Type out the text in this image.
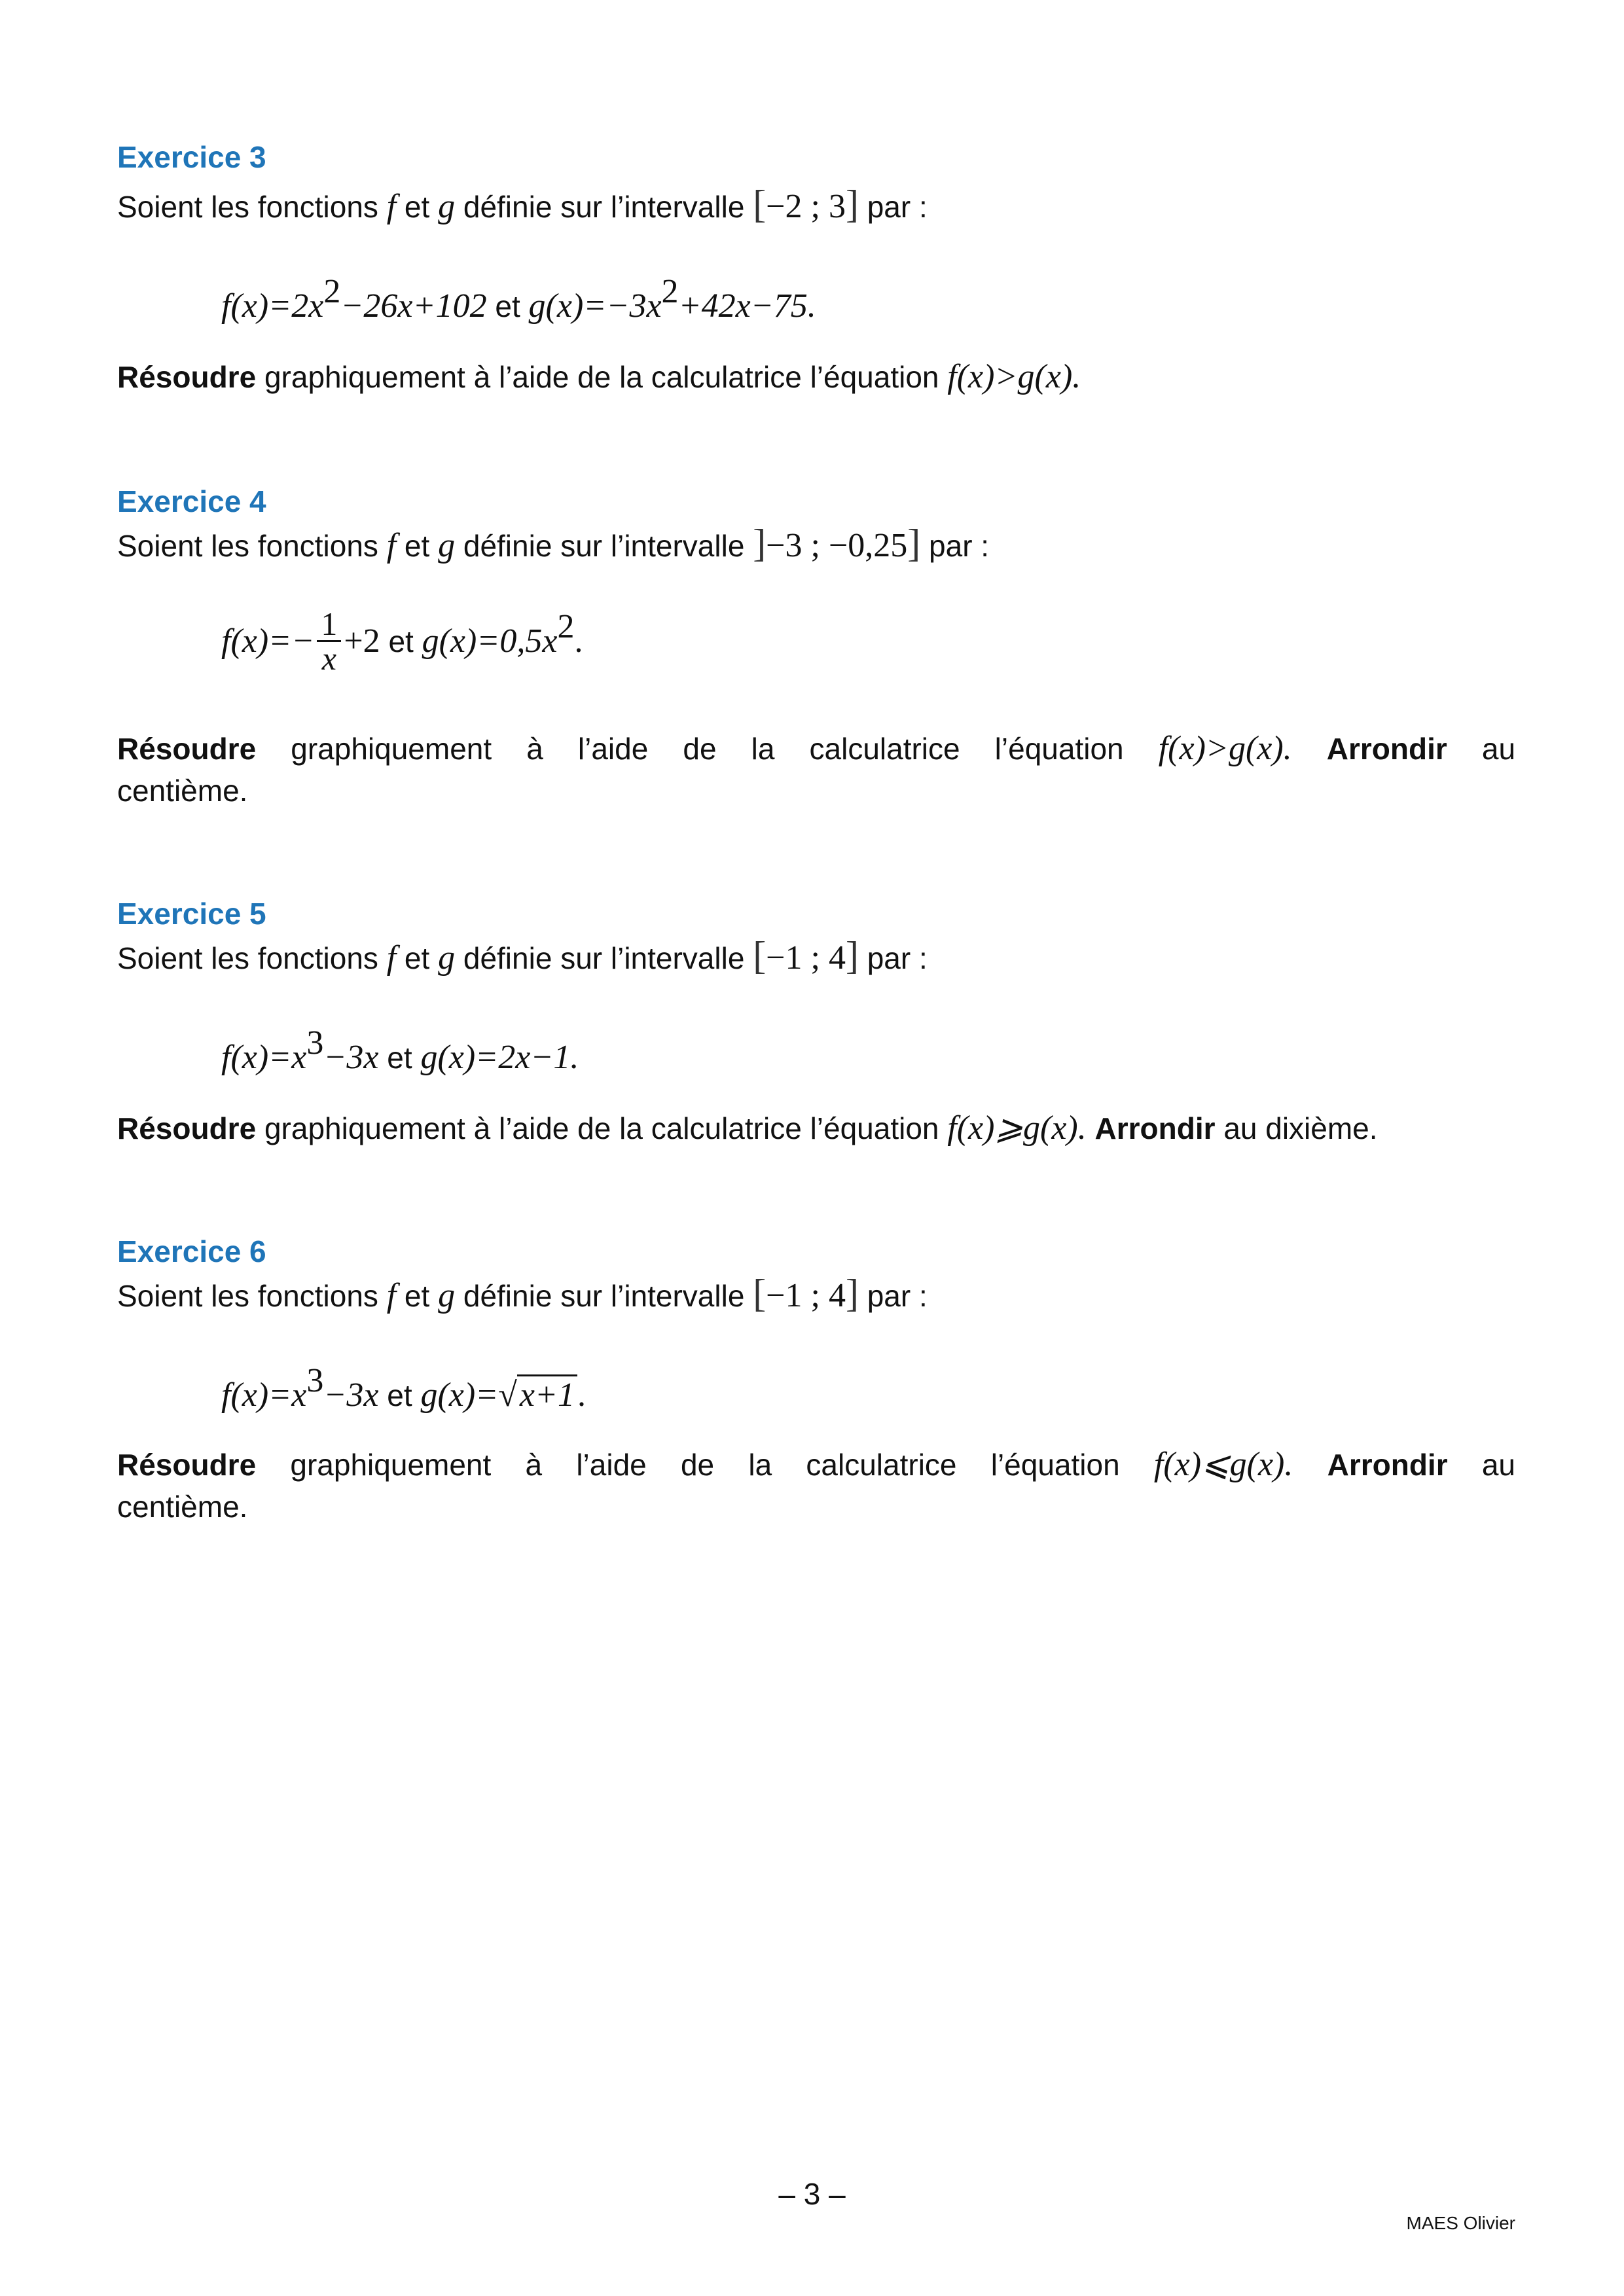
Exercice 3
Soient les fonctions f et g définie sur l’intervalle [−2 ; 3] par :
$f(x)=2x^2-26x+102$ et $g(x)=-3x^2+42x-75$.
Résoudre graphiquement à l’aide de la calculatrice l’équation f(x)>g(x).
Exercice 4
Soient les fonctions f et g définie sur l’intervalle ]−3 ; −0,25] par :
$f(x)=- \frac{1}{x} +2$ et $g(x)=0,5x^2$.
Résoudre graphiquement à l’aide de la calculatrice l’équation f(x)>g(x). Arrondir au
centième.
Exercice 5
Soient les fonctions f et g définie sur l’intervalle [−1 ; 4] par :
$f(x)=x^3-3x$ et g(x)=2x−1.
Résoudre graphiquement à l’aide de la calculatrice l’équation f(x)⩾g(x). Arrondir au dixième.
Exercice 6
Soient les fonctions f et g définie sur l’intervalle [−1 ; 4] par :
$f(x)=x^3-3x$ et g(x)=√x+1.
Résoudre graphiquement à l’aide de la calculatrice l’équation f(x)⩽g(x). Arrondir au
centième.
– 3 –
MAES Olivier
